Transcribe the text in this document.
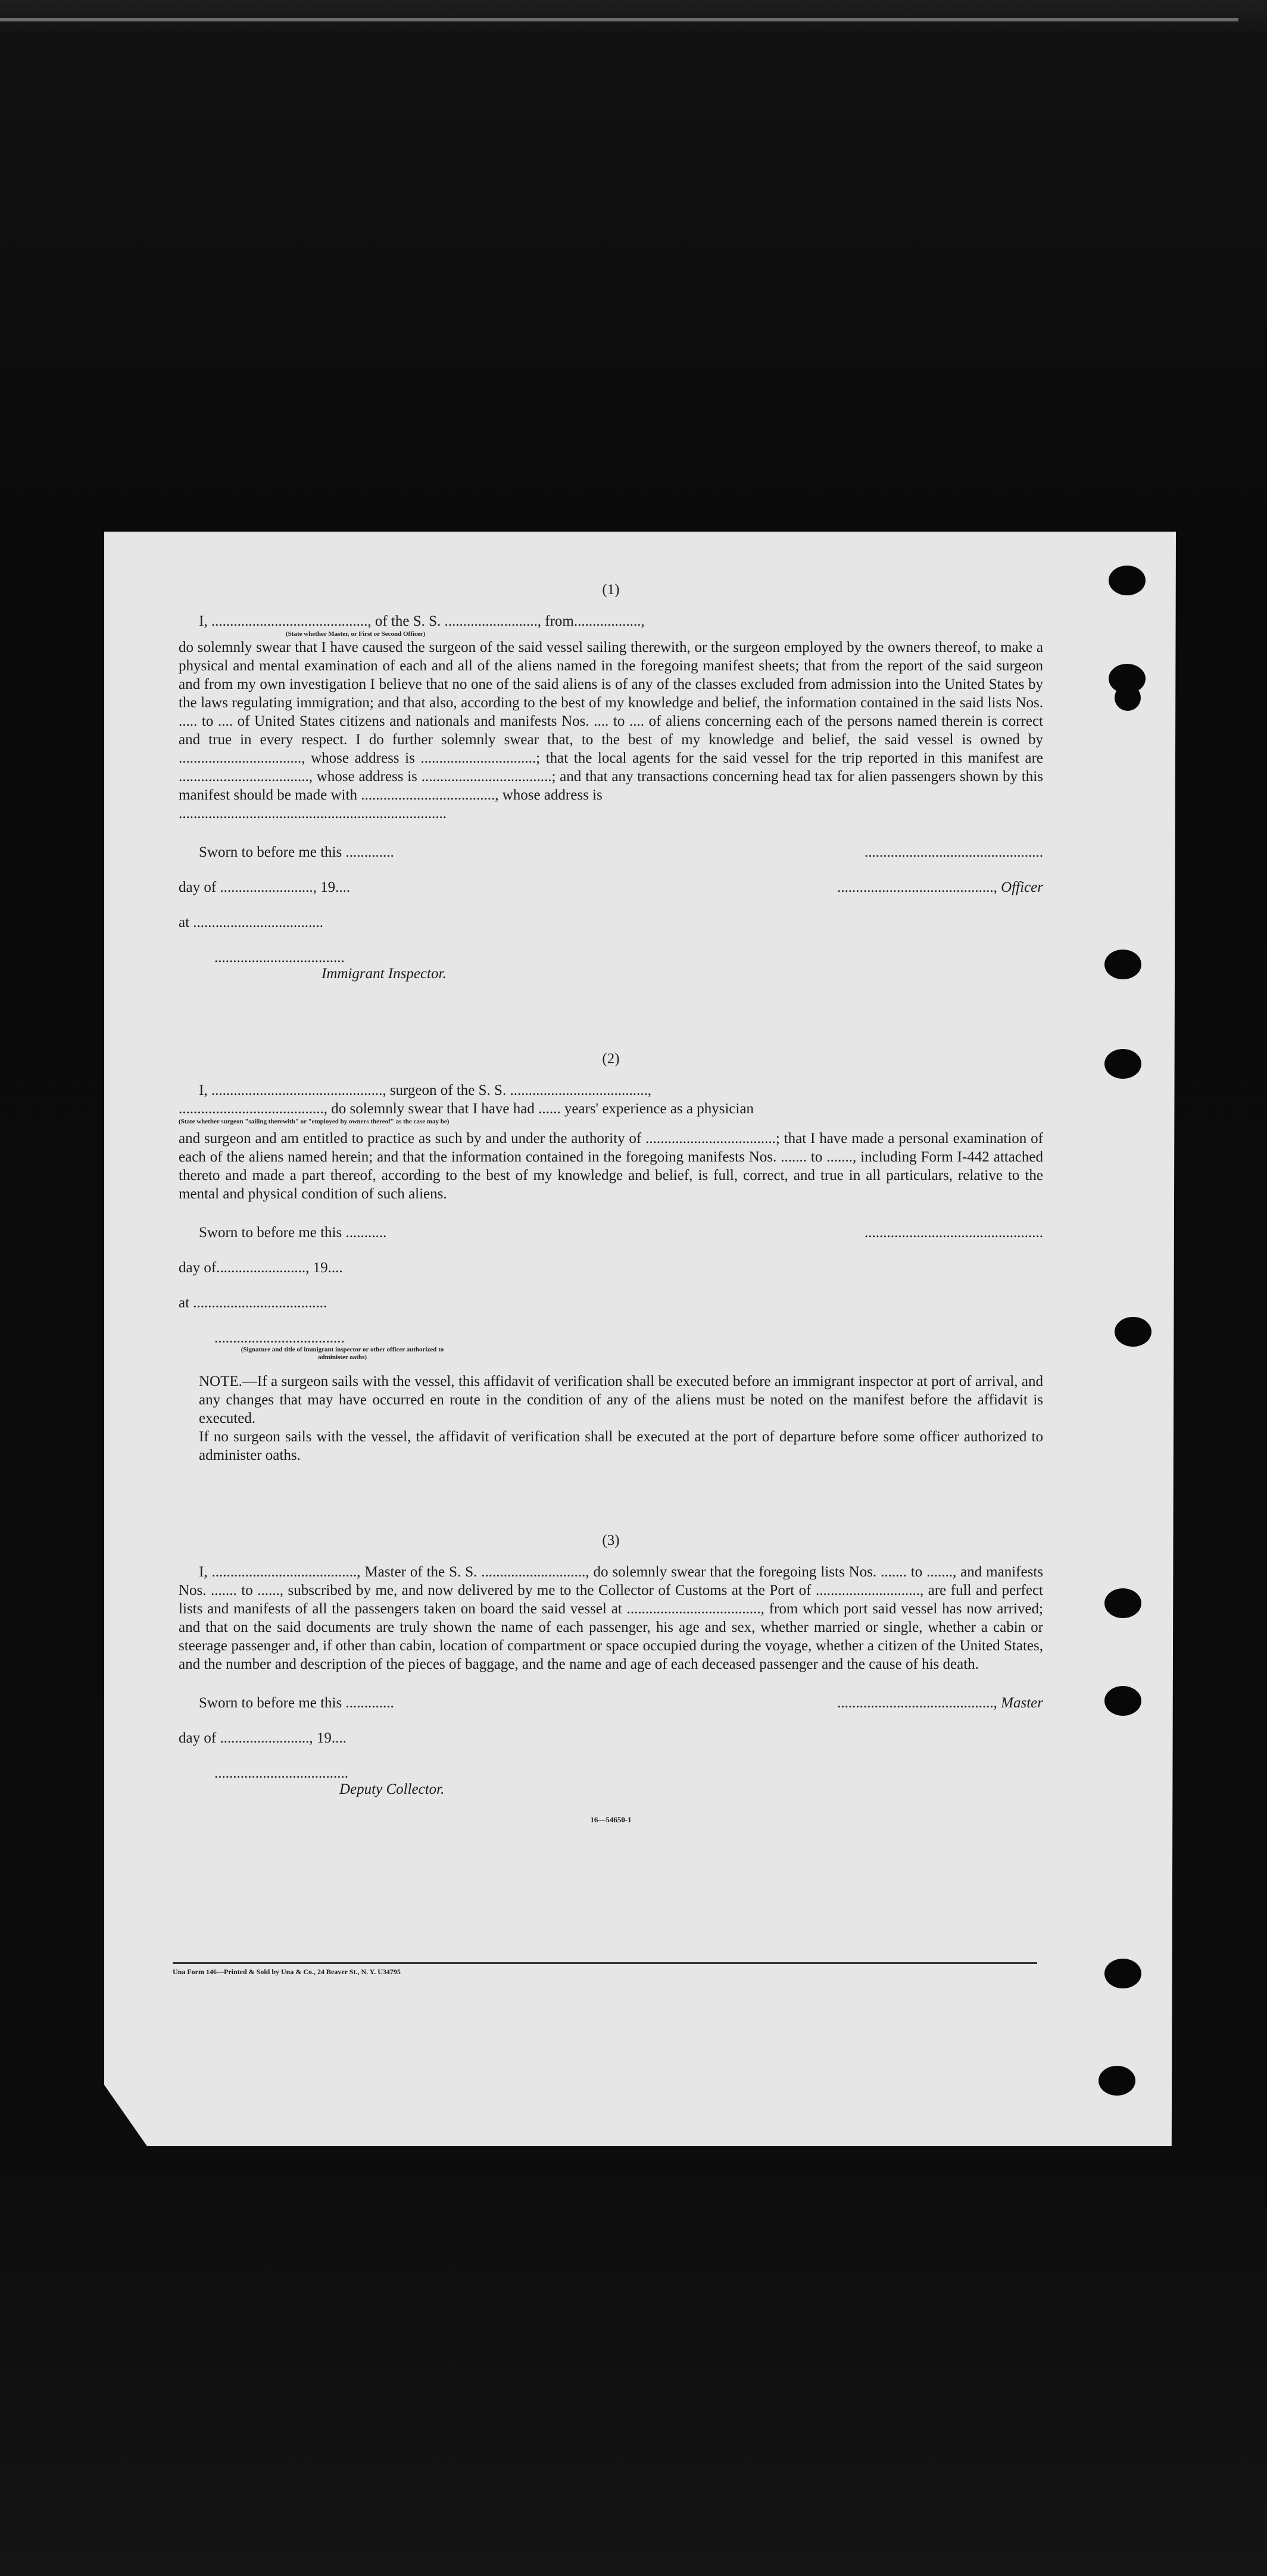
(1)
I, .........................................., of the S. S. ........................., from..................,
(State whether Master, or First or Second Officer)
do solemnly swear that I have caused the surgeon of the said vessel sailing therewith, or the surgeon employed by the owners thereof, to make a physical and mental examination of each and all of the aliens named in the foregoing manifest sheets; that from the report of the said surgeon and from my own investigation I believe that no one of the said aliens is of any of the classes excluded from admission into the United States by the laws regulating immigration; and that also, according to the best of my knowledge and belief, the information contained in the said lists Nos. ..... to .... of United States citizens and nationals and manifests Nos. .... to .... of aliens concerning each of the persons named therein is correct and true in every respect. I do further solemnly swear that, to the best of my knowledge and belief, the said vessel is owned by ................................., whose address is ...............................; that the local agents for the said vessel for the trip reported in this manifest are ..................................., whose address is ...................................; and that any transactions concerning head tax for alien passengers shown by this manifest should be made with ...................................., whose address is
........................................................................
Sworn to before me this .............
day of ........................., 19....
at ...................................
...................................
Immigrant Inspector.
................................................
.........................................., Officer
(2)
I, .............................................., surgeon of the S. S. .....................................,
......................................., do solemnly swear that I have had ...... years' experience as a physician
(State whether surgeon "sailing therewith" or "employed by owners thereof" as the case may be)
and surgeon and am entitled to practice as such by and under the authority of ...................................; that I have made a personal examination of each of the aliens named herein; and that the information contained in the foregoing manifests Nos. ....... to ......., including Form I-442 attached thereto and made a part thereof, according to the best of my knowledge and belief, is full, correct, and true in all particulars, relative to the mental and physical condition of such aliens.
Sworn to before me this ...........
day of........................, 19....
at ....................................
...................................
(Signature and title of immigrant inspector or other officer authorized to administer oaths)
................................................
NOTE.—If a surgeon sails with the vessel, this affidavit of verification shall be executed before an immigrant inspector at port of arrival, and any changes that may have occurred en route in the condition of any of the aliens must be noted on the manifest before the affidavit is executed.
If no surgeon sails with the vessel, the affidavit of verification shall be executed at the port of departure before some officer authorized to administer oaths.
(3)
I, ......................................., Master of the S. S. ............................, do solemnly swear that the foregoing lists Nos. ....... to ......., and manifests Nos. ....... to ......, subscribed by me, and now delivered by me to the Collector of Customs at the Port of ............................, are full and perfect lists and manifests of all the passengers taken on board the said vessel at ...................................., from which port said vessel has now arrived; and that on the said documents are truly shown the name of each passenger, his age and sex, whether married or single, whether a cabin or steerage passenger and, if other than cabin, location of compartment or space occupied during the voyage, whether a citizen of the United States, and the number and description of the pieces of baggage, and the name and age of each deceased passenger and the cause of his death.
Sworn to before me this .............
day of ........................, 19....
....................................
Deputy Collector.
.........................................., Master
16—54650-1
Una Form 146—Printed & Sold by Una & Co., 24 Beaver St., N. Y. U34795
